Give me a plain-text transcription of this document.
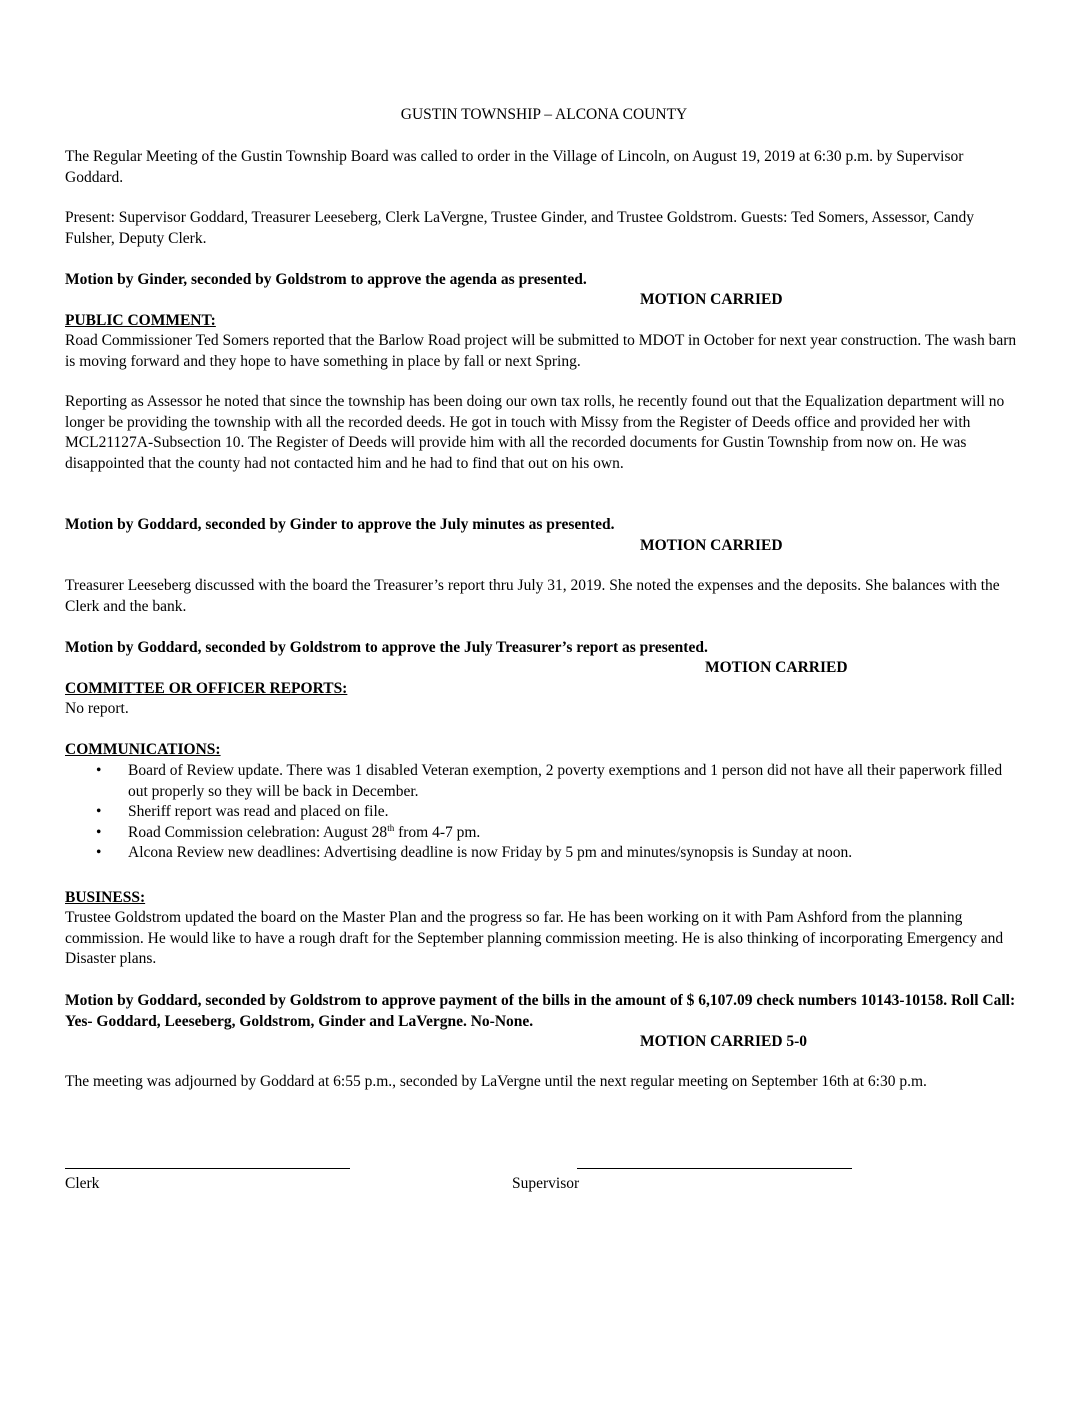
GUSTIN TOWNSHIP – ALCONA COUNTY

The Regular Meeting of the Gustin Township Board was called to order in the Village of Lincoln, on August 19, 2019 at 6:30 p.m. by Supervisor Goddard.

Present: Supervisor Goddard, Treasurer Leeseberg, Clerk LaVergne, Trustee Ginder, and Trustee Goldstrom. Guests: Ted Somers, Assessor, Candy Fulsher, Deputy Clerk.

Motion by Ginder, seconded by Goldstrom to approve the agenda as presented.

MOTION CARRIED
PUBLIC COMMENT:

Road Commissioner Ted Somers reported that the Barlow Road project will be submitted to MDOT in October for next year construction. The wash barn is moving forward and they hope to have something in place by fall or next Spring.

Reporting as Assessor he noted that since the township has been doing our own tax rolls, he recently found out that the Equalization department will no longer be providing the township with all the recorded deeds. He got in touch with Missy from the Register of Deeds office and provided her with MCL21127A-Subsection 10. The Register of Deeds will provide him with all the recorded documents for Gustin Township from now on. He was disappointed that the county had not contacted him and he had to find that out on his own.

Motion by Goddard, seconded by Ginder to approve the July minutes as presented.

MOTION CARRIED

Treasurer Leeseberg discussed with the board the Treasurer’s report thru July 31, 2019. She noted the expenses and the deposits. She balances with the Clerk and the bank.

Motion by Goddard, seconded by Goldstrom to approve the July Treasurer’s report as presented.

MOTION CARRIED
COMMITTEE OR OFFICER REPORTS:
No report.
COMMUNICATIONS:
• Board of Review update. There was 1 disabled Veteran exemption, 2 poverty exemptions and 1 person did not have all their paperwork filled out properly so they will be back in December.
• Sheriff report was read and placed on file.
• Road Commission celebration: August 28th from 4-7 pm.
• Alcona Review new deadlines: Advertising deadline is now Friday by 5 pm and minutes/synopsis is Sunday at noon.
BUSINESS:

Trustee Goldstrom updated the board on the Master Plan and the progress so far. He has been working on it with Pam Ashford from the planning commission. He would like to have a rough draft for the September planning commission meeting. He is also thinking of incorporating Emergency and Disaster plans.

Motion by Goddard, seconded by Goldstrom to approve payment of the bills in the amount of $ 6,107.09 check numbers 10143-10158. Roll Call: Yes- Goddard, Leeseberg, Goldstrom, Ginder and LaVergne. No-None.

MOTION CARRIED 5-0

The meeting was adjourned by Goddard at 6:55 p.m., seconded by LaVergne until the next regular meeting on September 16th at 6:30 p.m.

Clerk	Supervisor
